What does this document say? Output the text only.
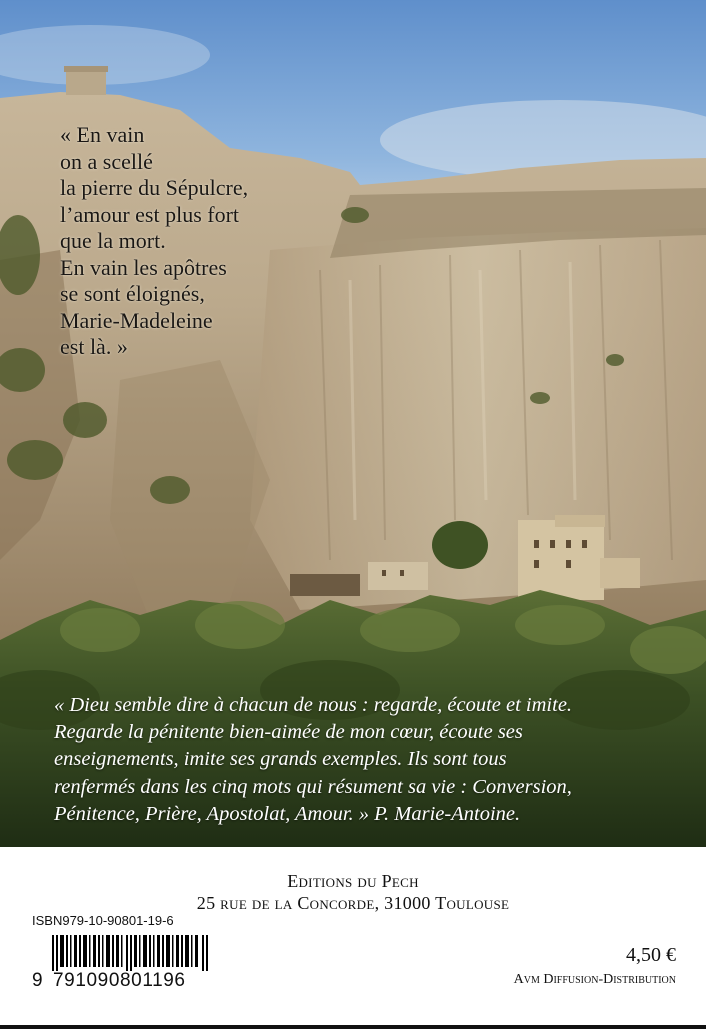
« En vain
on a scellé
la pierre du Sépulcre,
l’amour est plus fort
que la mort.
En vain les apôtres
se sont éloignés,
Marie-Madeleine
est là. »
« Dieu semble dire à chacun de nous : regarde, écoute et imite.
Regarde la pénitente bien-aimée de mon cœur, écoute ses
enseignements, imite ses grands exemples. Ils sont tous
renfermés dans les cinq mots qui résument sa vie : Conversion,
Pénitence, Prière, Apostolat, Amour. » P. Marie-Antoine.
Editions du Pech
25 rue de la Concorde, 31000 Toulouse
ISBN979-10-90801-19-6
9 791090801196
4,50 €
Avm Diffusion-Distribution
